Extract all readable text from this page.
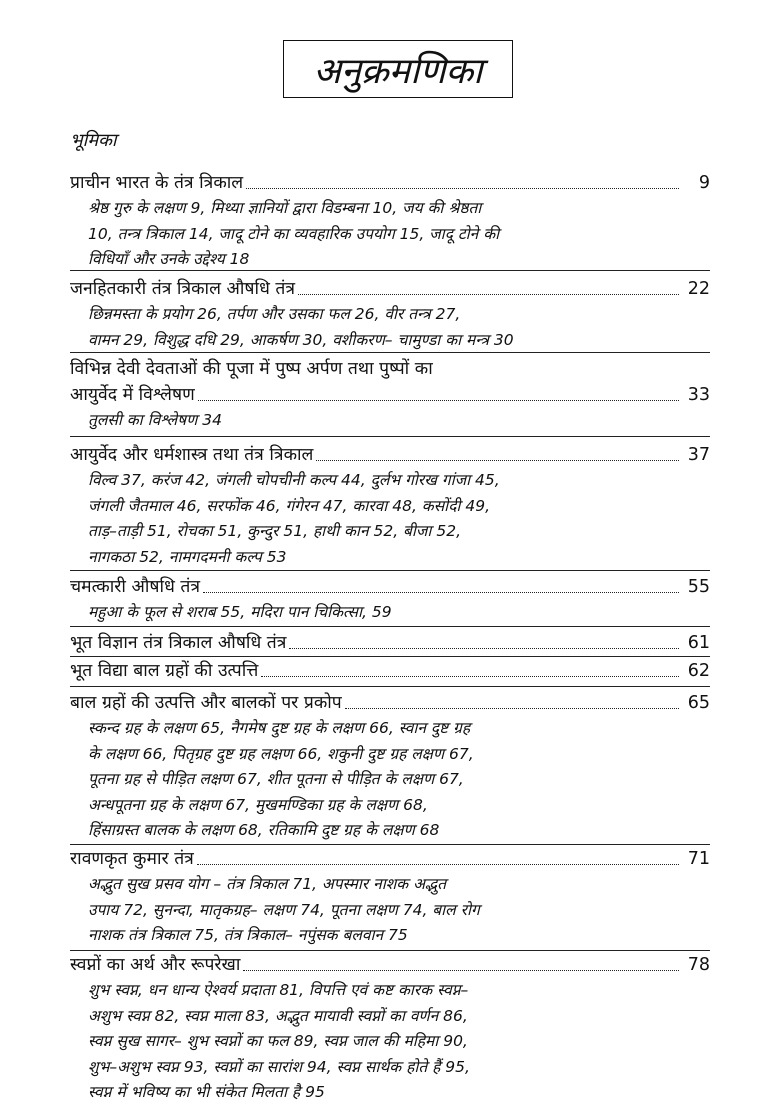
अनुक्रमणिका
भूमिका
प्राचीन भारत के तंत्र त्रिकाल	9
श्रेष्ठ गुरु के लक्षण 9, मिथ्या ज्ञानियों द्वारा विडम्बना 10, जय की श्रेष्ठता
10, तन्त्र त्रिकाल 14, जादू टोने का व्यवहारिक उपयोग 15, जादू टोने की
विधियाँ और उनके उद्देश्य 18
जनहितकारी तंत्र त्रिकाल औषधि तंत्र	22
छिन्नमस्ता के प्रयोग 26, तर्पण और उसका फल 26, वीर तन्त्र 27,
वामन 29, विशुद्ध दधि 29, आकर्षण 30, वशीकरण– चामुण्डा का मन्त्र 30
विभिन्न देवी देवताओं की पूजा में पुष्प अर्पण तथा पुष्पों का
आयुर्वेद में विश्लेषण	33
तुलसी का विश्लेषण 34
आयुर्वेद और धर्मशास्त्र तथा तंत्र त्रिकाल	37
विल्व 37, करंज 42, जंगली चोपचीनी कल्प 44, दुर्लभ गोरख गांजा 45,
जंगली जैतमाल 46, सरफोंक 46, गंगेरन 47, कारवा 48, कसोंदी 49,
ताड़–ताड़ी 51, रोचका 51, कुन्दुर 51, हाथी कान 52, बीजा 52,
नागकठा 52, नामगदमनी कल्प 53
चमत्कारी औषधि तंत्र	55
महुआ के फूल से शराब 55, मदिरा पान चिकित्सा, 59
भूत विज्ञान तंत्र त्रिकाल औषधि तंत्र	61
भूत विद्या बाल ग्रहों की उत्पत्ति	62
बाल ग्रहों की उत्पत्ति और बालकों पर प्रकोप	65
स्कन्द ग्रह के लक्षण 65, नैगमेष दुष्ट ग्रह के लक्षण 66, स्वान दुष्ट ग्रह
के लक्षण 66, पितृग्रह दुष्ट ग्रह लक्षण 66, शकुनी दुष्ट ग्रह लक्षण 67,
पूतना ग्रह से पीड़ित लक्षण 67, शीत पूतना से पीड़ित के लक्षण 67,
अन्धपूतना ग्रह के लक्षण 67, मुखमण्डिका ग्रह के लक्षण 68,
हिंसाग्रस्त बालक के लक्षण 68, रतिकामि दुष्ट ग्रह के लक्षण 68
रावणकृत कुमार तंत्र	71
अद्भुत सुख प्रसव योग – तंत्र त्रिकाल 71, अपस्मार नाशक अद्भुत
उपाय 72, सुनन्दा, मातृकग्रह– लक्षण 74, पूतना लक्षण 74, बाल रोग
नाशक तंत्र त्रिकाल 75, तंत्र त्रिकाल– नपुंसक बलवान 75
स्वप्नों का अर्थ और रूपरेखा	78
शुभ स्वप्न, धन धान्य ऐश्वर्य प्रदाता 81, विपत्ति एवं कष्ट कारक स्वप्न–
अशुभ स्वप्न 82, स्वप्न माला 83, अद्भुत मायावी स्वप्नों का वर्णन 86,
स्वप्न सुख सागर– शुभ स्वप्नों का फल 89, स्वप्न जाल की महिमा 90,
शुभ–अशुभ स्वप्न 93, स्वप्नों का सारांश 94, स्वप्न सार्थक होते हैं 95,
स्वप्न में भविष्य का भी संकेत मिलता है 95
